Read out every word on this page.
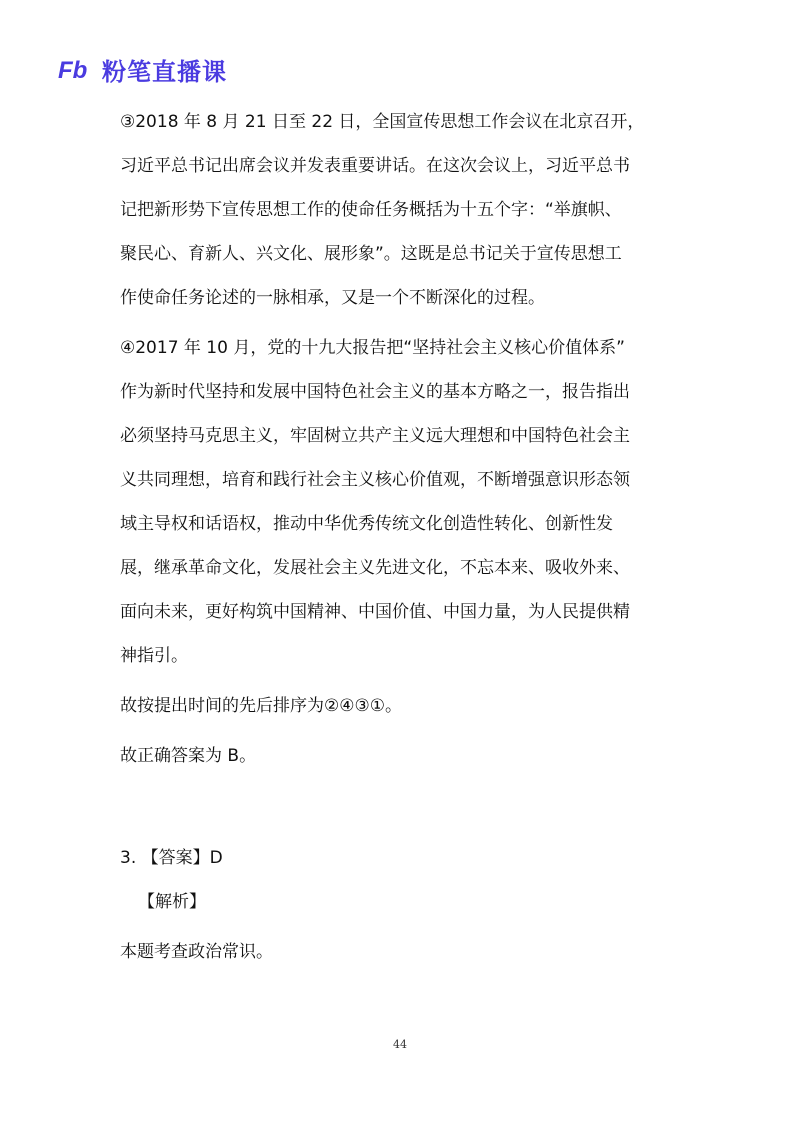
Fb 粉笔直播课

③2018 年 8 月 21 日至 22 日，全国宣传思想工作会议在北京召开，

习近平总书记出席会议并发表重要讲话。在这次会议上，习近平总书

记把新形势下宣传思想工作的使命任务概括为十五个字：“举旗帜、

聚民心、育新人、兴文化、展形象”。这既是总书记关于宣传思想工

作使命任务论述的一脉相承，又是一个不断深化的过程。

④2017 年 10 月，党的十九大报告把“坚持社会主义核心价值体系”

作为新时代坚持和发展中国特色社会主义的基本方略之一，报告指出

必须坚持马克思主义，牢固树立共产主义远大理想和中国特色社会主

义共同理想，培育和践行社会主义核心价值观，不断增强意识形态领

域主导权和话语权，推动中华优秀传统文化创造性转化、创新性发

展，继承革命文化，发展社会主义先进文化，不忘本来、吸收外来、

面向未来，更好构筑中国精神、中国价值、中国力量，为人民提供精

神指引。

故按提出时间的先后排序为②④③①。

故正确答案为 B。

3. 【答案】D

【解析】

本题考查政治常识。

44
